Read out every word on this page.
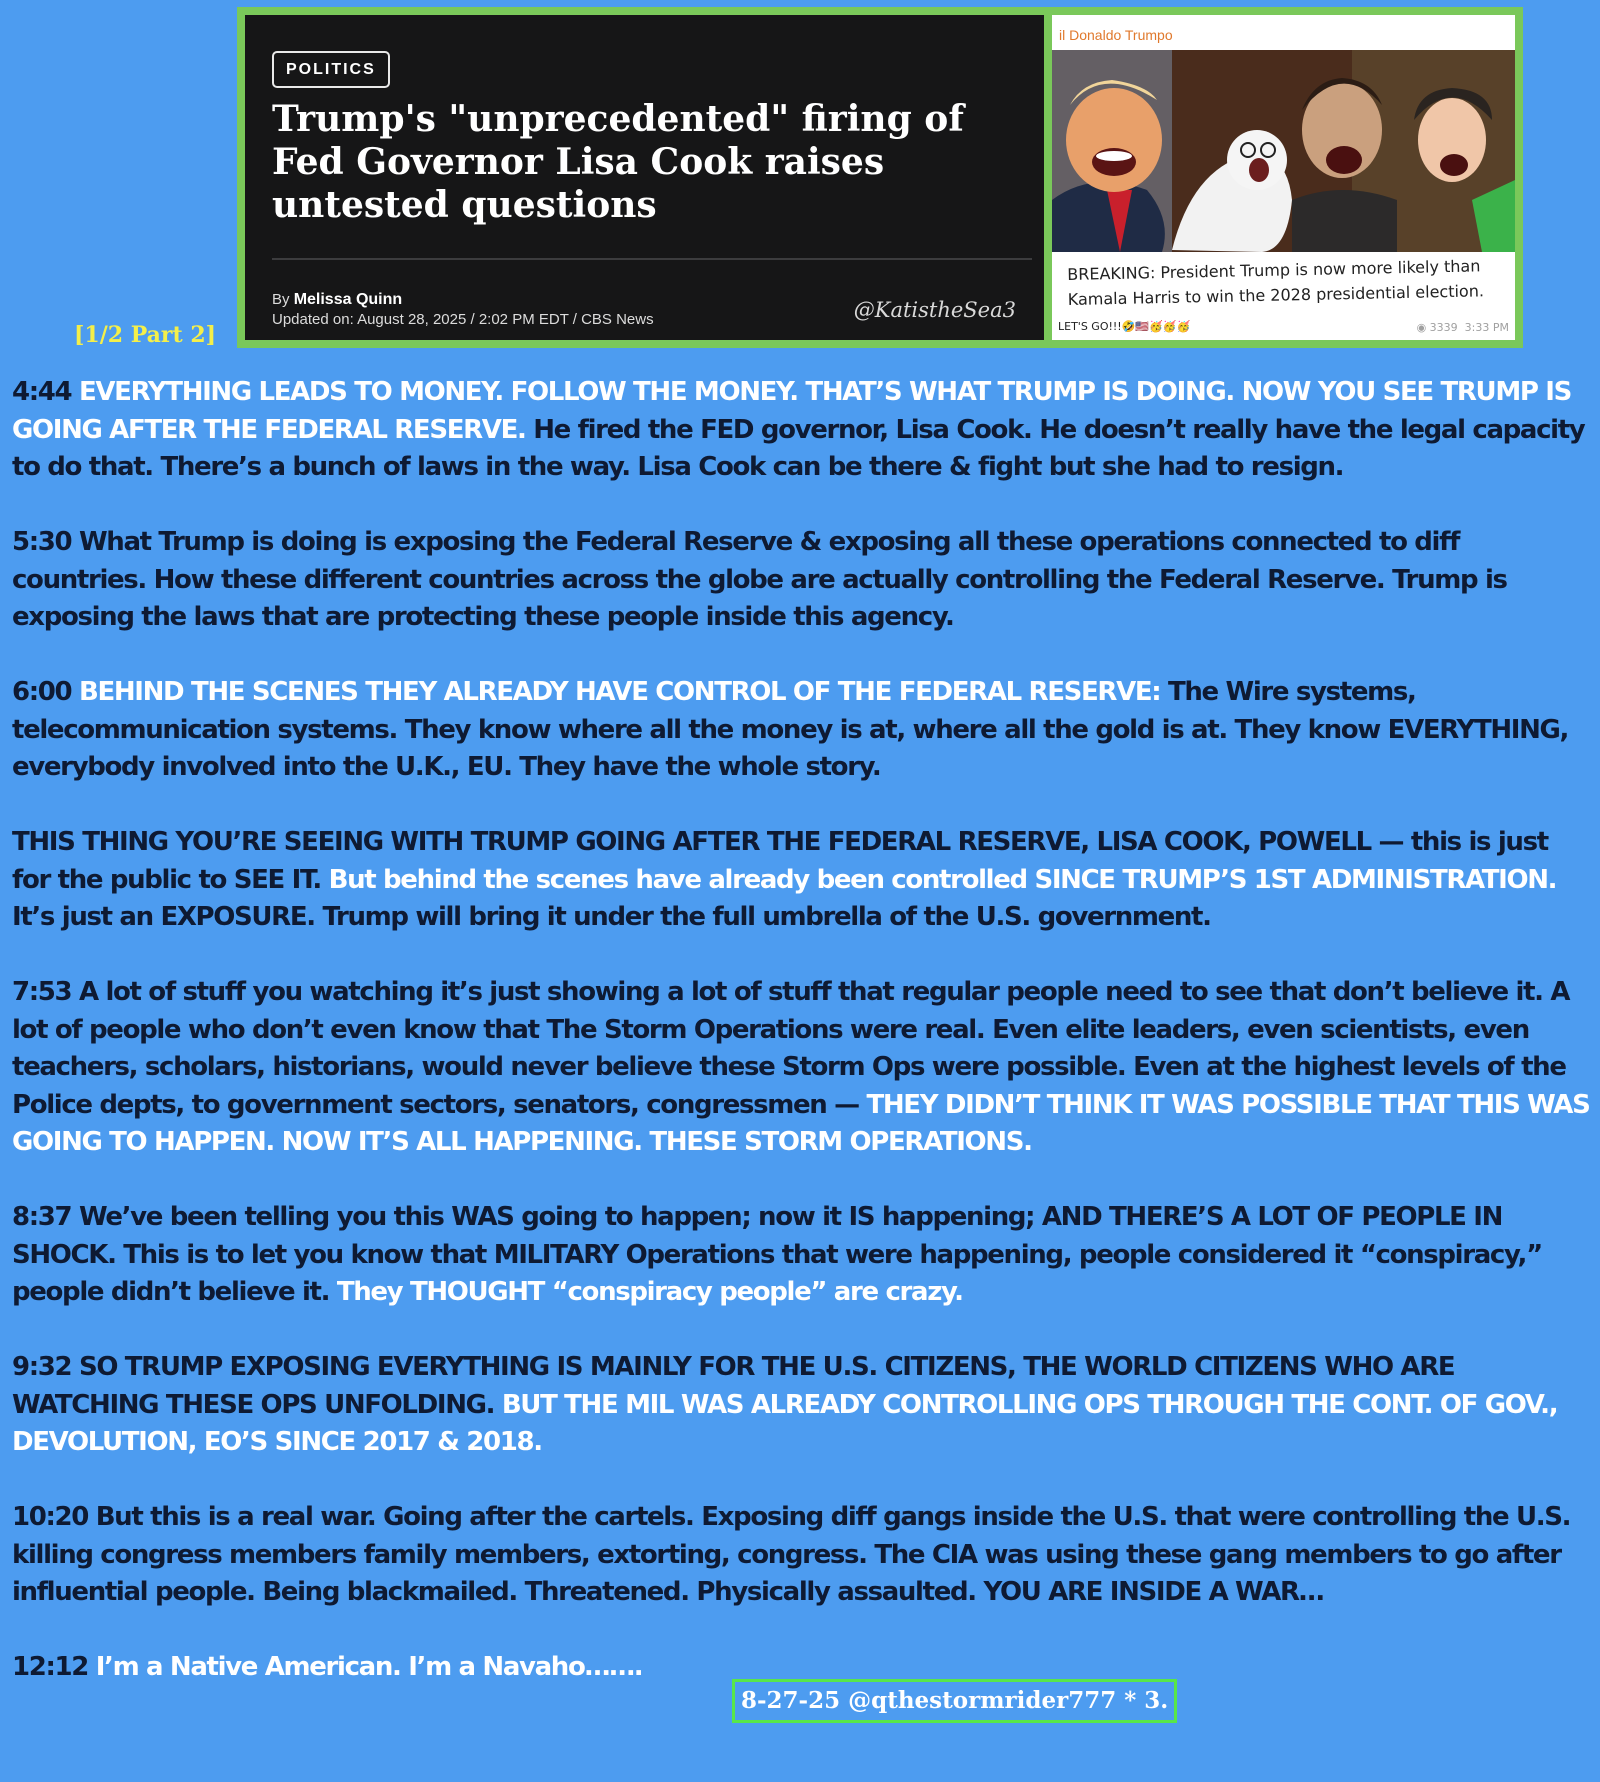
POLITICS
Trump's "unprecedented" firing of Fed Governor Lisa Cook raises untested questions
By Melissa Quinn
Updated on: August 28, 2025 / 2:02 PM EDT / CBS News	@KatistheSea3
il Donaldo Trumpo
BREAKING: President Trump is now more likely than Kamala Harris to win the 2028 presidential election.
LET'S GO!!!🤣🇺🇸🥳🥳🥳	◉ 3339 3:33 PM
[1/2 Part 2]

4:44 EVERYTHING LEADS TO MONEY. FOLLOW THE MONEY. THAT’S WHAT TRUMP IS DOING. NOW YOU SEE TRUMP IS GOING AFTER THE FEDERAL RESERVE. He fired the FED governor, Lisa Cook. He doesn’t really have the legal capacity to do that. There’s a bunch of laws in the way. Lisa Cook can be there & fight but she had to resign.

5:30 What Trump is doing is exposing the Federal Reserve & exposing all these operations connected to diff countries. How these different countries across the globe are actually controlling the Federal Reserve. Trump is exposing the laws that are protecting these people inside this agency.

6:00 BEHIND THE SCENES THEY ALREADY HAVE CONTROL OF THE FEDERAL RESERVE: The Wire systems, telecommunication systems. They know where all the money is at, where all the gold is at. They know EVERYTHING, everybody involved into the U.K., EU. They have the whole story.

THIS THING YOU’RE SEEING WITH TRUMP GOING AFTER THE FEDERAL RESERVE, LISA COOK, POWELL — this is just for the public to SEE IT. But behind the scenes have already been controlled SINCE TRUMP’S 1ST ADMINISTRATION. It’s just an EXPOSURE. Trump will bring it under the full umbrella of the U.S. government.

7:53 A lot of stuff you watching it’s just showing a lot of stuff that regular people need to see that don’t believe it. A lot of people who don’t even know that The Storm Operations were real. Even elite leaders, even scientists, even teachers, scholars, historians, would never believe these Storm Ops were possible. Even at the highest levels of the Police depts, to government sectors, senators, congressmen — THEY DIDN’T THINK IT WAS POSSIBLE THAT THIS WAS GOING TO HAPPEN. NOW IT’S ALL HAPPENING. THESE STORM OPERATIONS.

8:37 We’ve been telling you this WAS going to happen; now it IS happening; AND THERE’S A LOT OF PEOPLE IN SHOCK. This is to let you know that MILITARY Operations that were happening, people considered it “conspiracy,” people didn’t believe it. They THOUGHT “conspiracy people” are crazy.

9:32 SO TRUMP EXPOSING EVERYTHING IS MAINLY FOR THE U.S. CITIZENS, THE WORLD CITIZENS WHO ARE WATCHING THESE OPS UNFOLDING. BUT THE MIL WAS ALREADY CONTROLLING OPS THROUGH THE CONT. OF GOV., DEVOLUTION, EO’S SINCE 2017 & 2018.

10:20 But this is a real war. Going after the cartels. Exposing diff gangs inside the U.S. that were controlling the U.S. killing congress members family members, extorting, congress. The CIA was using these gang members to go after influential people. Being blackmailed. Threatened. Physically assaulted. YOU ARE INSIDE A WAR…

12:12 I’m a Native American. I’m a Navaho…….

8-27-25 @qthestormrider777 * 3.
